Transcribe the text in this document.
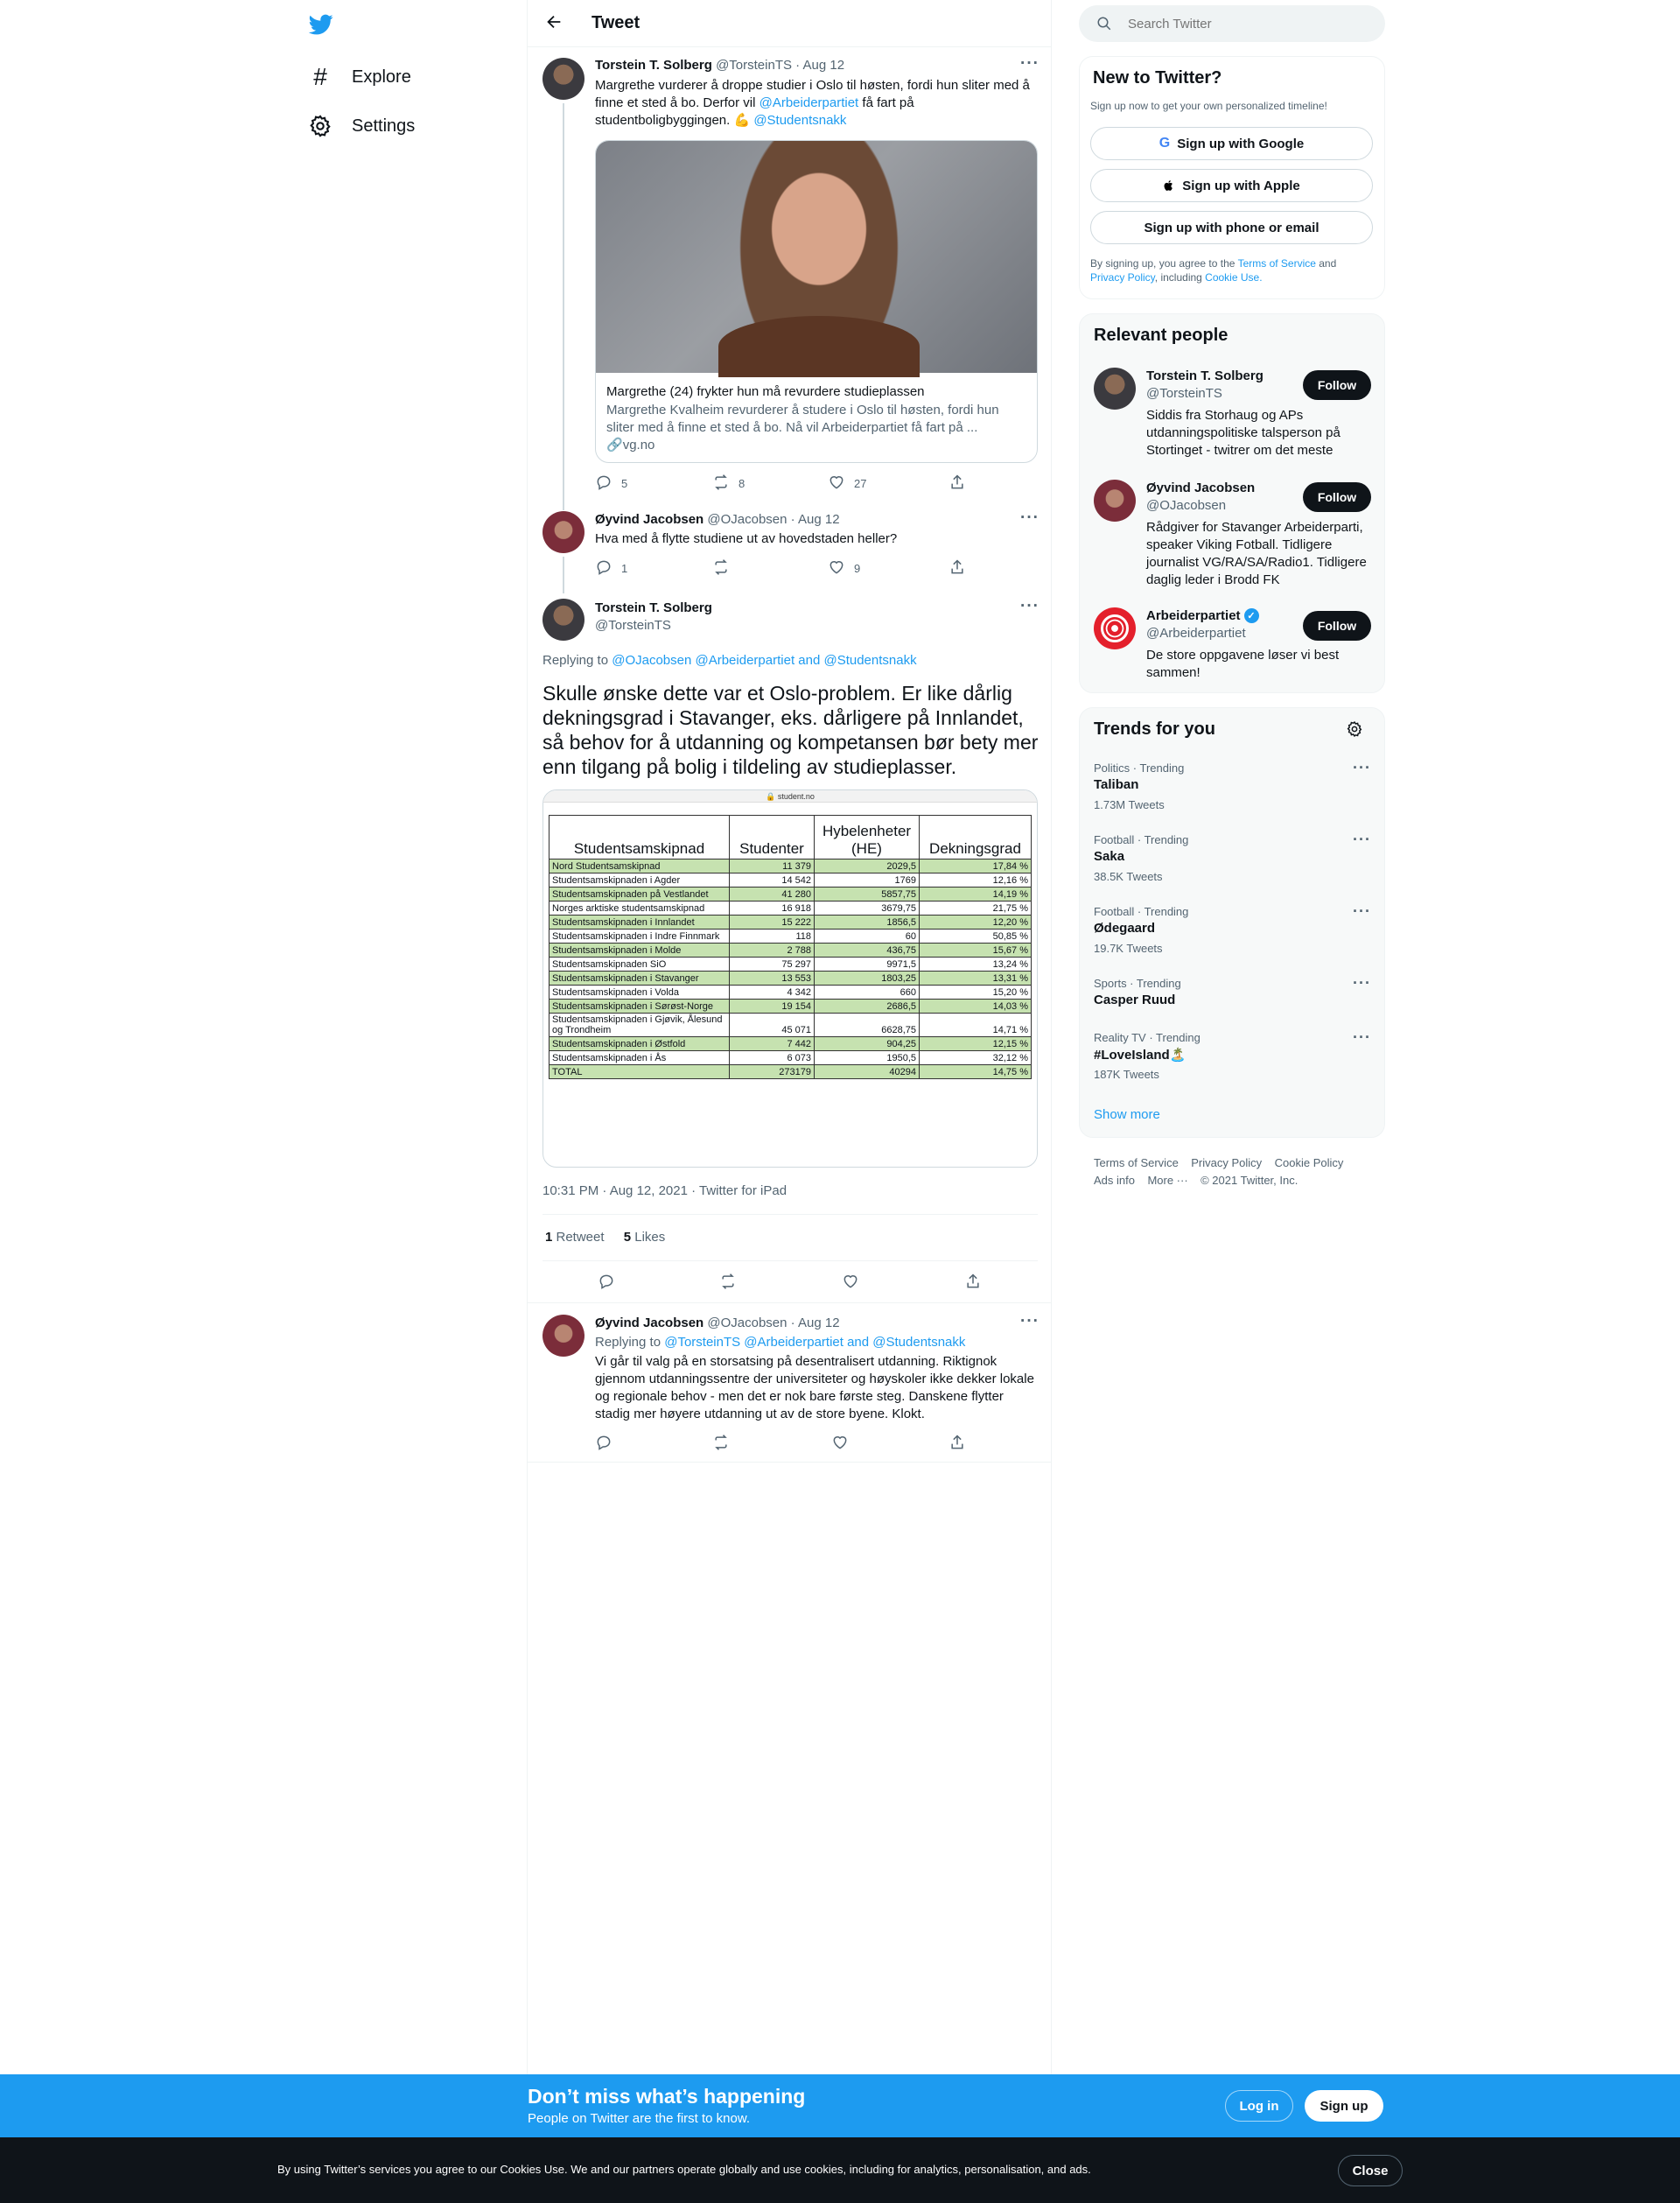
#	Explore
Settings
Tweet
Torstein T. Solberg @TorsteinTS · Aug 12	···
Margrethe vurderer å droppe studier i Oslo til høsten, fordi hun sliter med å finne et sted å bo. Derfor vil @Arbeiderpartiet få fart på studentboligbyggingen. 💪 @Studentsnakk
Margrethe (24) frykter hun må revurdere studieplassen
Margrethe Kvalheim revurderer å studere i Oslo til høsten, fordi hun sliter med å finne et sted å bo. Nå vil Arbeiderpartiet få fart på ...
🔗vg.no
5	8	27
Øyvind Jacobsen @OJacobsen · Aug 12	···
Hva med å flytte studiene ut av hovedstaden heller?
1	9
Torstein T. Solberg
@TorsteinTS
···
Replying to @OJacobsen @Arbeiderpartiet and @Studentsnakk
Skulle ønske dette var et Oslo-problem. Er like dårlig dekningsgrad i Stavanger, eks. dårligere på Innlandet, så behov for å utdanning og kompetansen bør bety mer enn tilgang på bolig i tildeling av studieplasser.
🔒 student.no
Studentsamskipnad	Studenter	Hybelenheter (HE)	Dekningsgrad
Nord Studentsamskipnad	11 379	2029,5	17,84 %
Studentsamskipnaden i Agder	14 542	1769	12,16 %
Studentsamskipnaden på Vestlandet	41 280	5857,75	14,19 %
Norges arktiske studentsamskipnad	16 918	3679,75	21,75 %
Studentsamskipnaden i Innlandet	15 222	1856,5	12,20 %
Studentsamskipnaden i Indre Finnmark	118	60	50,85 %
Studentsamskipnaden i Molde	2 788	436,75	15,67 %
Studentsamskipnaden SiO	75 297	9971,5	13,24 %
Studentsamskipnaden i Stavanger	13 553	1803,25	13,31 %
Studentsamskipnaden i Volda	4 342	660	15,20 %
Studentsamskipnaden i Sørøst-Norge	19 154	2686,5	14,03 %
Studentsamskipnaden i Gjøvik, Ålesund og Trondheim	45 071	6628,75	14,71 %
Studentsamskipnaden i Østfold	7 442	904,25	12,15 %
Studentsamskipnaden i Ås	6 073	1950,5	32,12 %
TOTAL	273179	40294	14,75 %
10:31 PM · Aug 12, 2021 · Twitter for iPad
1 Retweet 5 Likes
Øyvind Jacobsen @OJacobsen · Aug 12	···
Replying to @TorsteinTS @Arbeiderpartiet and @Studentsnakk
Vi går til valg på en storsatsing på desentralisert utdanning. Riktignok gjennom utdanningssentre der universiteter og høyskoler ikke dekker lokale og regionale behov - men det er nok bare første steg. Danskene flytter stadig mer høyere utdanning ut av de store byene. Klokt.
Search Twitter
New to Twitter?
Sign up now to get your own personalized timeline!
G Sign up with Google
Sign up with Apple
Sign up with phone or email
By signing up, you agree to the Terms of Service and Privacy Policy, including Cookie Use.
Relevant people
Torstein T. Solberg
@TorsteinTS
Follow
Siddis fra Storhaug og APs utdanningspolitiske talsperson på Stortinget - twitrer om det meste
Øyvind Jacobsen
@OJacobsen
Follow
Rådgiver for Stavanger Arbeiderparti, speaker Viking Fotball. Tidligere journalist VG/RA/SA/Radio1. Tidligere daglig leder i Brodd FK
Arbeiderpartiet ✓
@Arbeiderpartiet	Follow
De store oppgavene løser vi best sammen!
Trends for you
Politics · Trending
Taliban
1.73M Tweets
···
Football · Trending
Saka
38.5K Tweets
···
Football · Trending
Ødegaard
19.7K Tweets
···
Sports · Trending
Casper Ruud
···
Reality TV · Trending
#LoveIsland🏝️
187K Tweets
···
Show more
Terms of Service Privacy Policy Cookie Policy
Ads info More ··· © 2021 Twitter, Inc.
Don’t miss what’s happening
People on Twitter are the first to know.
Log in	Sign up
By using Twitter’s services you agree to our Cookies Use. We and our partners operate globally and use cookies, including for analytics, personalisation, and ads.	Close
